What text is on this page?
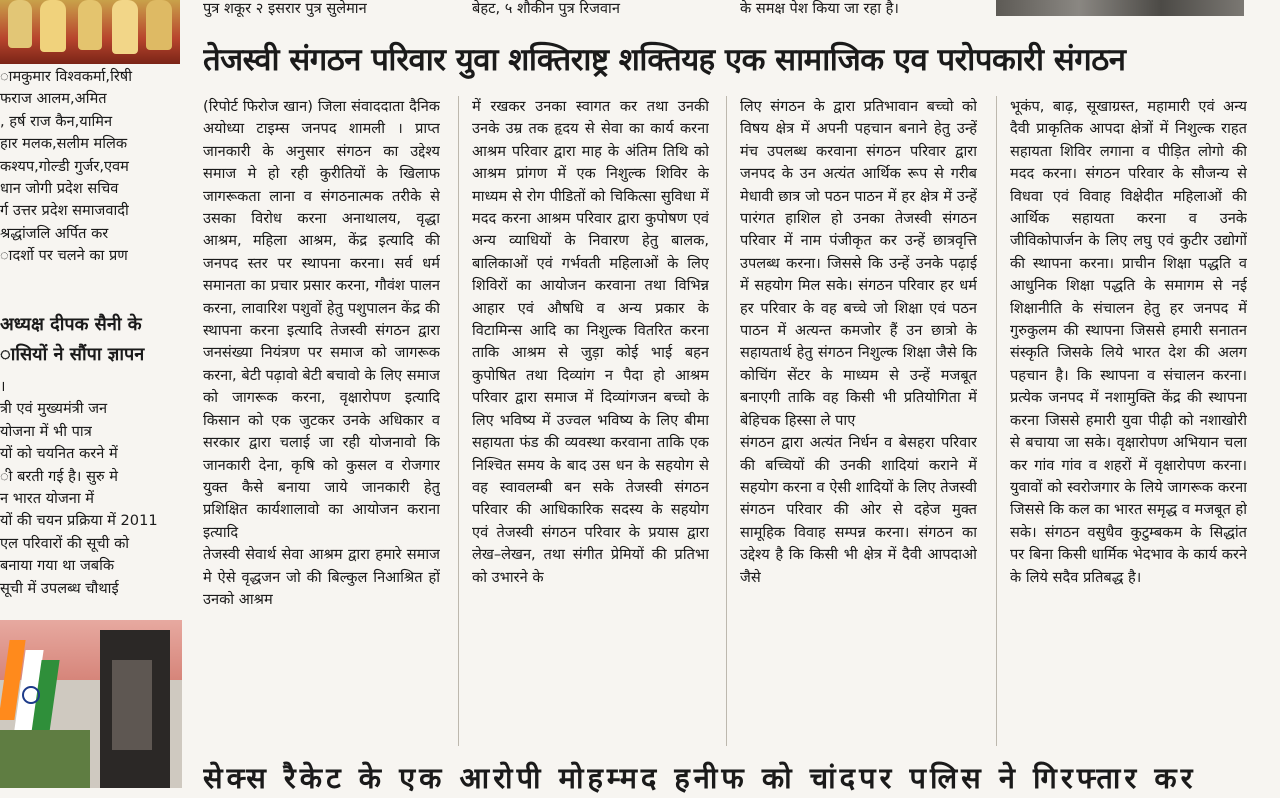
पुत्र शकूर २ इसरार पुत्र सुलेमान	बेहट, ५ शौकीन पुत्र रिजवान	के समक्ष पेश किया जा रहा है।
तेजस्वी संगठन परिवार युवा शक्तिराष्ट्र शक्तियह एक सामाजिक एव परोपकारी संगठन
ामकुमार विश्वकर्मा,रिषी
फराज आलम,अमित
, हर्ष राज कैन,यामिन
हार मलक,सलीम मलिक
कश्यप,गोल्डी गुर्जर,एवम
धान जोगी प्रदेश सचिव
र्ग उत्तर प्रदेश समाजवादी
श्रद्धांजलि अर्पित कर
ादर्शो पर चलने का प्रण
अध्यक्ष दीपक सैनी के
ासियों ने सौंपा ज्ञापन
।
त्री एवं मुख्यमंत्री जन
योजना में भी पात्र
यों को चयनित करने में
ी बरती गई है। सुरु मे
न भारत योजना में
यों की चयन प्रक्रिया में 2011
एल परिवारों की सूची को
बनाया गया था जबकि
सूची में उपलब्ध चौथाई

(रिपोर्ट फिरोज खान) जिला संवाददाता दैनिक अयोध्या टाइम्स जनपद शामली । प्राप्त जानकारी के अनुसार संगठन का उद्देश्य समाज मे हो रही कुरीतियों के खिलाफ जागरूकता लाना व संगठनात्मक तरीके से उसका विरोध करना अनाथालय, वृद्धा आश्रम, महिला आश्रम, केंद्र इत्यादि की जनपद स्तर पर स्थापना करना। सर्व धर्म समानता का प्रचार प्रसार करना, गौवंश पालन करना, लावारिश पशुवों हेतु पशुपालन केंद्र की स्थापना करना इत्यादि तेजस्वी संगठन द्वारा जनसंख्या नियंत्रण पर समाज को जागरूक करना, बेटी पढ़ावो बेटी बचावो के लिए समाज को जागरूक करना, वृक्षारोपण इत्यादि किसान को एक जुटकर उनके अधिकार व सरकार द्वारा चलाई जा रही योजनावो कि जानकारी देना, कृषि को कुसल व रोजगार युक्त कैसे बनाया जाये जानकारी हेतु प्रशिक्षित कार्यशालावो का आयोजन कराना इत्यादि

तेजस्वी सेवार्थ सेवा आश्रम द्वारा हमारे समाज मे ऐसे वृद्धजन जो की बिल्कुल निआश्रित हों उनको आश्रम

में रखकर उनका स्वागत कर तथा उनकी उनके उम्र तक हृदय से सेवा का कार्य करना आश्रम परिवार द्वारा माह के अंतिम तिथि को आश्रम प्रांगण में एक निशुल्क शिविर के माध्यम से रोग पीडितों को चिकित्सा सुविधा में मदद करना आश्रम परिवार द्वारा कुपोषण एवं अन्य व्याधियों के निवारण हेतु बालक, बालिकाओं एवं गर्भवती महिलाओं के लिए शिविरों का आयोजन करवाना तथा विभिन्न आहार एवं औषधि व अन्य प्रकार के विटामिन्स आदि का निशुल्क वितरित करना ताकि आश्रम से जुड़ा कोई भाई बहन कुपोषित तथा दिव्यांग न पैदा हो आश्रम परिवार द्वारा समाज में दिव्यांगजन बच्चो के लिए भविष्य में उज्वल भविष्य के लिए बीमा सहायता फंड की व्यवस्था करवाना ताकि एक निश्चित समय के बाद उस धन के सहयोग से वह स्वावलम्बी बन सके तेजस्वी संगठन परिवार की आधिकारिक सदस्य के सहयोग एवं तेजस्वी संगठन परिवार के प्रयास द्वारा लेख–लेखन, तथा संगीत प्रेमियों की प्रतिभा को उभारने के

लिए संगठन के द्वारा प्रतिभावान बच्चो को विषय क्षेत्र में अपनी पहचान बनाने हेतु उन्हें मंच उपलब्ध करवाना संगठन परिवार द्वारा जनपद के उन अत्यंत आर्थिक रूप से गरीब मेधावी छात्र जो पठन पाठन में हर क्षेत्र में उन्हें पारंगत हाशिल हो उनका तेजस्वी संगठन परिवार में नाम पंजीकृत कर उन्हें छात्रवृत्ति उपलब्ध करना। जिससे कि उन्हें उनके पढ़ाई में सहयोग मिल सके। संगठन परिवार हर धर्म हर परिवार के वह बच्चे जो शिक्षा एवं पठन पाठन में अत्यन्त कमजोर हैं उन छात्रो के सहायतार्थ हेतु संगठन निशुल्क शिक्षा जैसे कि कोचिंग सेंटर के माध्यम से उन्हें मजबूत बनाएगी ताकि वह किसी भी प्रतियोगिता में बेहिचक हिस्सा ले पाए

संगठन द्वारा अत्यंत निर्धन व बेसहरा परिवार की बच्चियों की उनकी शादियां कराने में सहयोग करना व ऐसी शादियों के लिए तेजस्वी संगठन परिवार की ओर से दहेज मुक्त सामूहिक विवाह सम्पन्न करना। संगठन का उद्देश्य है कि किसी भी क्षेत्र में दैवी आपदाओ जैसे

भूकंप, बाढ़, सूखाग्रस्त, महामारी एवं अन्य दैवी प्राकृतिक आपदा क्षेत्रों में निशुल्क राहत सहायता शिविर लगाना व पीड़ित लोगो की मदद करना। संगठन परिवार के सौजन्य से विधवा एवं विवाह विक्षेदीत महिलाओं की आर्थिक सहायता करना व उनके जीविकोपार्जन के लिए लघु एवं कुटीर उद्योगों की स्थापना करना। प्राचीन शिक्षा पद्धति व आधुनिक शिक्षा पद्धति के समागम से नई शिक्षानीति के संचालन हेतु हर जनपद में गुरुकुलम की स्थापना जिससे हमारी सनातन संस्कृति जिसके लिये भारत देश की अलग पहचान है। कि स्थापना व संचालन करना। प्रत्येक जनपद में नशामुक्ति केंद्र की स्थापना करना जिससे हमारी युवा पीढ़ी को नशाखोरी से बचाया जा सके। वृक्षारोपण अभियान चला कर गांव गांव व शहरों में वृक्षारोपण करना। युवावों को स्वरोजगार के लिये जागरूक करना जिससे कि कल का भारत समृद्ध व मजबूत हो सके। संगठन वसुधैव कुटुम्बकम के सिद्धांत पर बिना किसी धार्मिक भेदभाव के कार्य करने के लिये सदैव प्रतिबद्ध है।

सेक्स रैकेट के एक आरोपी मोहम्मद हनीफ को चांदपर पलिस ने गिरफ्तार कर
